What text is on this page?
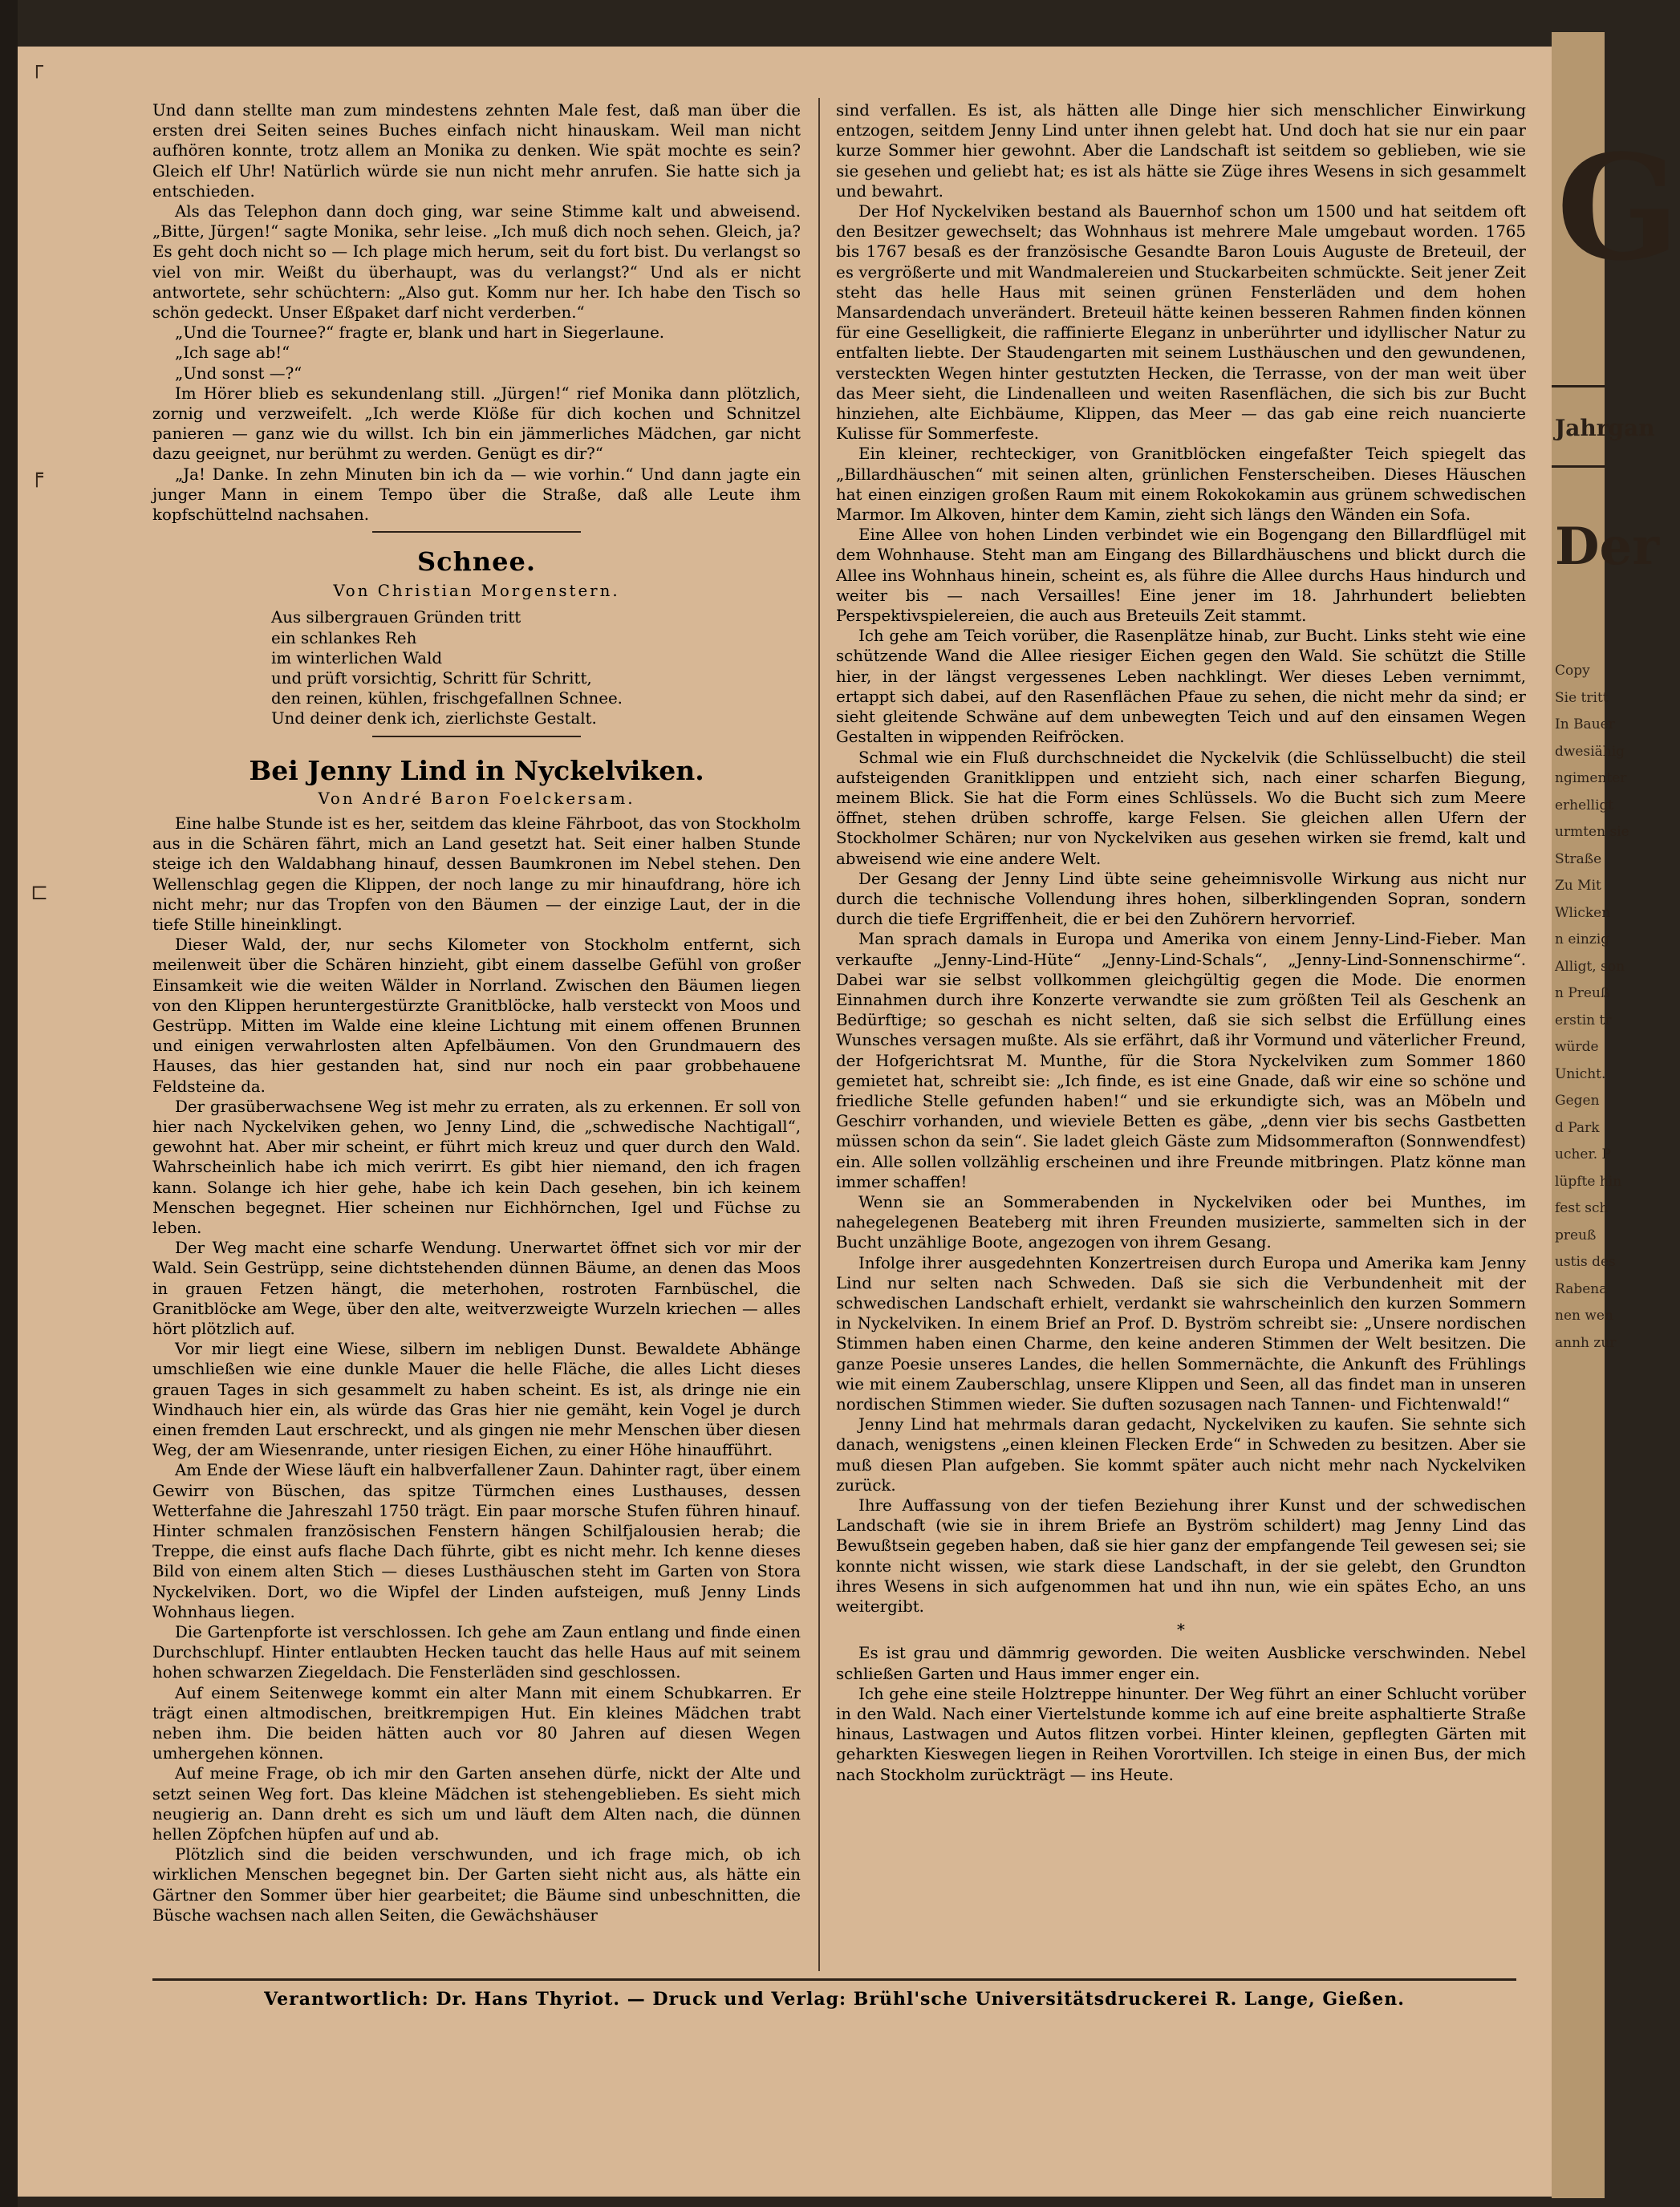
┌
╒
⊏

Und dann stellte man zum mindestens zehnten Male fest, daß man über die ersten drei Seiten seines Buches einfach nicht hinauskam. Weil man nicht aufhören konnte, trotz allem an Monika zu denken. Wie spät mochte es sein? Gleich elf Uhr! Natürlich würde sie nun nicht mehr anrufen. Sie hatte sich ja entschieden.

Als das Telephon dann doch ging, war seine Stimme kalt und abweisend. „Bitte, Jürgen!“ sagte Monika, sehr leise. „Ich muß dich noch sehen. Gleich, ja? Es geht doch nicht so — Ich plage mich herum, seit du fort bist. Du verlangst so viel von mir. Weißt du überhaupt, was du verlangst?“ Und als er nicht antwortete, sehr schüchtern: „Also gut. Komm nur her. Ich habe den Tisch so schön gedeckt. Unser Eßpaket darf nicht verderben.“

„Und die Tournee?“ fragte er, blank und hart in Siegerlaune.

„Ich sage ab!“

„Und sonst —?“

Im Hörer blieb es sekundenlang still. „Jürgen!“ rief Monika dann plötzlich, zornig und verzweifelt. „Ich werde Klöße für dich kochen und Schnitzel panieren — ganz wie du willst. Ich bin ein jämmerliches Mädchen, gar nicht dazu geeignet, nur berühmt zu werden. Genügt es dir?“

„Ja! Danke. In zehn Minuten bin ich da — wie vorhin.“ Und dann jagte ein junger Mann in einem Tempo über die Straße, daß alle Leute ihm kopfschüttelnd nachsahen.

Schnee.
Von Christian Morgenstern.
Aus silbergrauen Gründen tritt
ein schlankes Reh
im winterlichen Wald
und prüft vorsichtig, Schritt für Schritt,
den reinen, kühlen, frischgefallnen Schnee.
Und deiner denk ich, zierlichste Gestalt.
Bei Jenny Lind in Nyckelviken.
Von André Baron Foelckersam.

Eine halbe Stunde ist es her, seitdem das kleine Fährboot, das von Stockholm aus in die Schären fährt, mich an Land gesetzt hat. Seit einer halben Stunde steige ich den Waldabhang hinauf, dessen Baumkronen im Nebel stehen. Den Wellenschlag gegen die Klippen, der noch lange zu mir hinaufdrang, höre ich nicht mehr; nur das Tropfen von den Bäumen — der einzige Laut, der in die tiefe Stille hineinklingt.

Dieser Wald, der, nur sechs Kilometer von Stockholm entfernt, sich meilenweit über die Schären hinzieht, gibt einem dasselbe Gefühl von großer Einsamkeit wie die weiten Wälder in Norrland. Zwischen den Bäumen liegen von den Klippen heruntergestürzte Granitblöcke, halb versteckt von Moos und Gestrüpp. Mitten im Walde eine kleine Lichtung mit einem offenen Brunnen und einigen verwahrlosten alten Apfelbäumen. Von den Grundmauern des Hauses, das hier gestanden hat, sind nur noch ein paar grobbehauene Feldsteine da.

Der grasüberwachsene Weg ist mehr zu erraten, als zu erkennen. Er soll von hier nach Nyckelviken gehen, wo Jenny Lind, die „schwedische Nachtigall“, gewohnt hat. Aber mir scheint, er führt mich kreuz und quer durch den Wald. Wahrscheinlich habe ich mich verirrt. Es gibt hier niemand, den ich fragen kann. Solange ich hier gehe, habe ich kein Dach gesehen, bin ich keinem Menschen begegnet. Hier scheinen nur Eichhörnchen, Igel und Füchse zu leben.

Der Weg macht eine scharfe Wendung. Unerwartet öffnet sich vor mir der Wald. Sein Gestrüpp, seine dichtstehenden dünnen Bäume, an denen das Moos in grauen Fetzen hängt, die meterhohen, rostroten Farnbüschel, die Granitblöcke am Wege, über den alte, weitverzweigte Wurzeln kriechen — alles hört plötzlich auf.

Vor mir liegt eine Wiese, silbern im nebligen Dunst. Bewaldete Abhänge umschließen wie eine dunkle Mauer die helle Fläche, die alles Licht dieses grauen Tages in sich gesammelt zu haben scheint. Es ist, als dringe nie ein Windhauch hier ein, als würde das Gras hier nie gemäht, kein Vogel je durch einen fremden Laut erschreckt, und als gingen nie mehr Menschen über diesen Weg, der am Wiesenrande, unter riesigen Eichen, zu einer Höhe hinaufführt.

Am Ende der Wiese läuft ein halbverfallener Zaun. Dahinter ragt, über einem Gewirr von Büschen, das spitze Türmchen eines Lusthauses, dessen Wetterfahne die Jahreszahl 1750 trägt. Ein paar morsche Stufen führen hinauf. Hinter schmalen französischen Fenstern hängen Schilfjalousien herab; die Treppe, die einst aufs flache Dach führte, gibt es nicht mehr. Ich kenne dieses Bild von einem alten Stich — dieses Lusthäuschen steht im Garten von Stora Nyckelviken. Dort, wo die Wipfel der Linden aufsteigen, muß Jenny Linds Wohnhaus liegen.

Die Gartenpforte ist verschlossen. Ich gehe am Zaun entlang und finde einen Durchschlupf. Hinter entlaubten Hecken taucht das helle Haus auf mit seinem hohen schwarzen Ziegeldach. Die Fensterläden sind geschlossen.

Auf einem Seitenwege kommt ein alter Mann mit einem Schubkarren. Er trägt einen altmodischen, breitkrempigen Hut. Ein kleines Mädchen trabt neben ihm. Die beiden hätten auch vor 80 Jahren auf diesen Wegen umhergehen können.

Auf meine Frage, ob ich mir den Garten ansehen dürfe, nickt der Alte und setzt seinen Weg fort. Das kleine Mädchen ist stehengeblieben. Es sieht mich neugierig an. Dann dreht es sich um und läuft dem Alten nach, die dünnen hellen Zöpfchen hüpfen auf und ab.

Plötzlich sind die beiden verschwunden, und ich frage mich, ob ich wirklichen Menschen begegnet bin. Der Garten sieht nicht aus, als hätte ein Gärtner den Sommer über hier gearbeitet; die Bäume sind unbeschnitten, die Büsche wachsen nach allen Seiten, die Gewächshäuser

sind verfallen. Es ist, als hätten alle Dinge hier sich menschlicher Einwirkung entzogen, seitdem Jenny Lind unter ihnen gelebt hat. Und doch hat sie nur ein paar kurze Sommer hier gewohnt. Aber die Landschaft ist seitdem so geblieben, wie sie sie gesehen und geliebt hat; es ist als hätte sie Züge ihres Wesens in sich gesammelt und bewahrt.

Der Hof Nyckelviken bestand als Bauernhof schon um 1500 und hat seitdem oft den Besitzer gewechselt; das Wohnhaus ist mehrere Male umgebaut worden. 1765 bis 1767 besaß es der französische Gesandte Baron Louis Auguste de Breteuil, der es vergrößerte und mit Wandmalereien und Stuckarbeiten schmückte. Seit jener Zeit steht das helle Haus mit seinen grünen Fensterläden und dem hohen Mansardendach unverändert. Breteuil hätte keinen besseren Rahmen finden können für eine Geselligkeit, die raffinierte Eleganz in unberührter und idyllischer Natur zu entfalten liebte. Der Staudengarten mit seinem Lusthäuschen und den gewundenen, versteckten Wegen hinter gestutzten Hecken, die Terrasse, von der man weit über das Meer sieht, die Lindenalleen und weiten Rasenflächen, die sich bis zur Bucht hinziehen, alte Eichbäume, Klippen, das Meer — das gab eine reich nuancierte Kulisse für Sommerfeste.

Ein kleiner, rechteckiger, von Granitblöcken eingefaßter Teich spiegelt das „Billardhäuschen“ mit seinen alten, grünlichen Fensterscheiben. Dieses Häuschen hat einen einzigen großen Raum mit einem Rokokokamin aus grünem schwedischen Marmor. Im Alkoven, hinter dem Kamin, zieht sich längs den Wänden ein Sofa.

Eine Allee von hohen Linden verbindet wie ein Bogengang den Billardflügel mit dem Wohnhause. Steht man am Eingang des Billardhäuschens und blickt durch die Allee ins Wohnhaus hinein, scheint es, als führe die Allee durchs Haus hindurch und weiter bis — nach Versailles! Eine jener im 18. Jahrhundert beliebten Perspektivspielereien, die auch aus Breteuils Zeit stammt.

Ich gehe am Teich vorüber, die Rasenplätze hinab, zur Bucht. Links steht wie eine schützende Wand die Allee riesiger Eichen gegen den Wald. Sie schützt die Stille hier, in der längst vergessenes Leben nachklingt. Wer dieses Leben vernimmt, ertappt sich dabei, auf den Rasenflächen Pfaue zu sehen, die nicht mehr da sind; er sieht gleitende Schwäne auf dem unbewegten Teich und auf den einsamen Wegen Gestalten in wippenden Reifröcken.

Schmal wie ein Fluß durchschneidet die Nyckelvik (die Schlüsselbucht) die steil aufsteigenden Granitklippen und entzieht sich, nach einer scharfen Biegung, meinem Blick. Sie hat die Form eines Schlüssels. Wo die Bucht sich zum Meere öffnet, stehen drüben schroffe, karge Felsen. Sie gleichen allen Ufern der Stockholmer Schären; nur von Nyckelviken aus gesehen wirken sie fremd, kalt und abweisend wie eine andere Welt.

Der Gesang der Jenny Lind übte seine geheimnisvolle Wirkung aus nicht nur durch die technische Vollendung ihres hohen, silberklingenden Sopran, sondern durch die tiefe Ergriffenheit, die er bei den Zuhörern hervorrief.

Man sprach damals in Europa und Amerika von einem Jenny-Lind-Fieber. Man verkaufte „Jenny-Lind-Hüte“ „Jenny-Lind-Schals“, „Jenny-Lind-Sonnenschirme“. Dabei war sie selbst vollkommen gleichgültig gegen die Mode. Die enormen Einnahmen durch ihre Konzerte verwandte sie zum größten Teil als Geschenk an Bedürftige; so geschah es nicht selten, daß sie sich selbst die Erfüllung eines Wunsches versagen mußte. Als sie erfährt, daß ihr Vormund und väterlicher Freund, der Hofgerichtsrat M. Munthe, für die Stora Nyckelviken zum Sommer 1860 gemietet hat, schreibt sie: „Ich finde, es ist eine Gnade, daß wir eine so schöne und friedliche Stelle gefunden haben!“ und sie erkundigte sich, was an Möbeln und Geschirr vorhanden, und wieviele Betten es gäbe, „denn vier bis sechs Gastbetten müssen schon da sein“. Sie ladet gleich Gäste zum Midsommerafton (Sonnwendfest) ein. Alle sollen vollzählig erscheinen und ihre Freunde mitbringen. Platz könne man immer schaffen!

Wenn sie an Sommerabenden in Nyckelviken oder bei Munthes, im nahegelegenen Beateberg mit ihren Freunden musizierte, sammelten sich in der Bucht unzählige Boote, angezogen von ihrem Gesang.

Infolge ihrer ausgedehnten Konzertreisen durch Europa und Amerika kam Jenny Lind nur selten nach Schweden. Daß sie sich die Verbundenheit mit der schwedischen Landschaft erhielt, verdankt sie wahrscheinlich den kurzen Sommern in Nyckelviken. In einem Brief an Prof. D. Byström schreibt sie: „Unsere nordischen Stimmen haben einen Charme, den keine anderen Stimmen der Welt besitzen. Die ganze Poesie unseres Landes, die hellen Sommernächte, die Ankunft des Frühlings wie mit einem Zauberschlag, unsere Klippen und Seen, all das findet man in unseren nordischen Stimmen wieder. Sie duften sozusagen nach Tannen- und Fichtenwald!“

Jenny Lind hat mehrmals daran gedacht, Nyckelviken zu kaufen. Sie sehnte sich danach, wenigstens „einen kleinen Flecken Erde“ in Schweden zu besitzen. Aber sie muß diesen Plan aufgeben. Sie kommt später auch nicht mehr nach Nyckelviken zurück.

Ihre Auffassung von der tiefen Beziehung ihrer Kunst und der schwedischen Landschaft (wie sie in ihrem Briefe an Byström schildert) mag Jenny Lind das Bewußtsein gegeben haben, daß sie hier ganz der empfangende Teil gewesen sei; sie konnte nicht wissen, wie stark diese Landschaft, in der sie gelebt, den Grundton ihres Wesens in sich aufgenommen hat und ihn nun, wie ein spätes Echo, an uns weitergibt.

*

Es ist grau und dämmrig geworden. Die weiten Ausblicke verschwinden. Nebel schließen Garten und Haus immer enger ein.

Ich gehe eine steile Holztreppe hinunter. Der Weg führt an einer Schlucht vorüber in den Wald. Nach einer Viertelstunde komme ich auf eine breite asphaltierte Straße hinaus, Lastwagen und Autos flitzen vorbei. Hinter kleinen, gepflegten Gärten mit geharkten Kieswegen liegen in Reihen Vorortvillen. Ich steige in einen Bus, der mich nach Stockholm zurückträgt — ins Heute.

Verantwortlich: Dr. Hans Thyriot. — Druck und Verlag: Brühl'sche Universitätsdruckerei R. Lange, Gießen.
G
Jahrgan
Der
Copy
Sie tritt
In Bauer
dwesiähig
ngimenter
erhelligt
urmten sie
Straße
Zu Mit
Wlicken
n einzig
Alligt, son
n Preuß
erstin tr
würde
Unicht.
Gegen
d Park
ucher. P
lüpfte hin
fest sch
preuß
ustis des
Rabena
nen wen
annh zur
